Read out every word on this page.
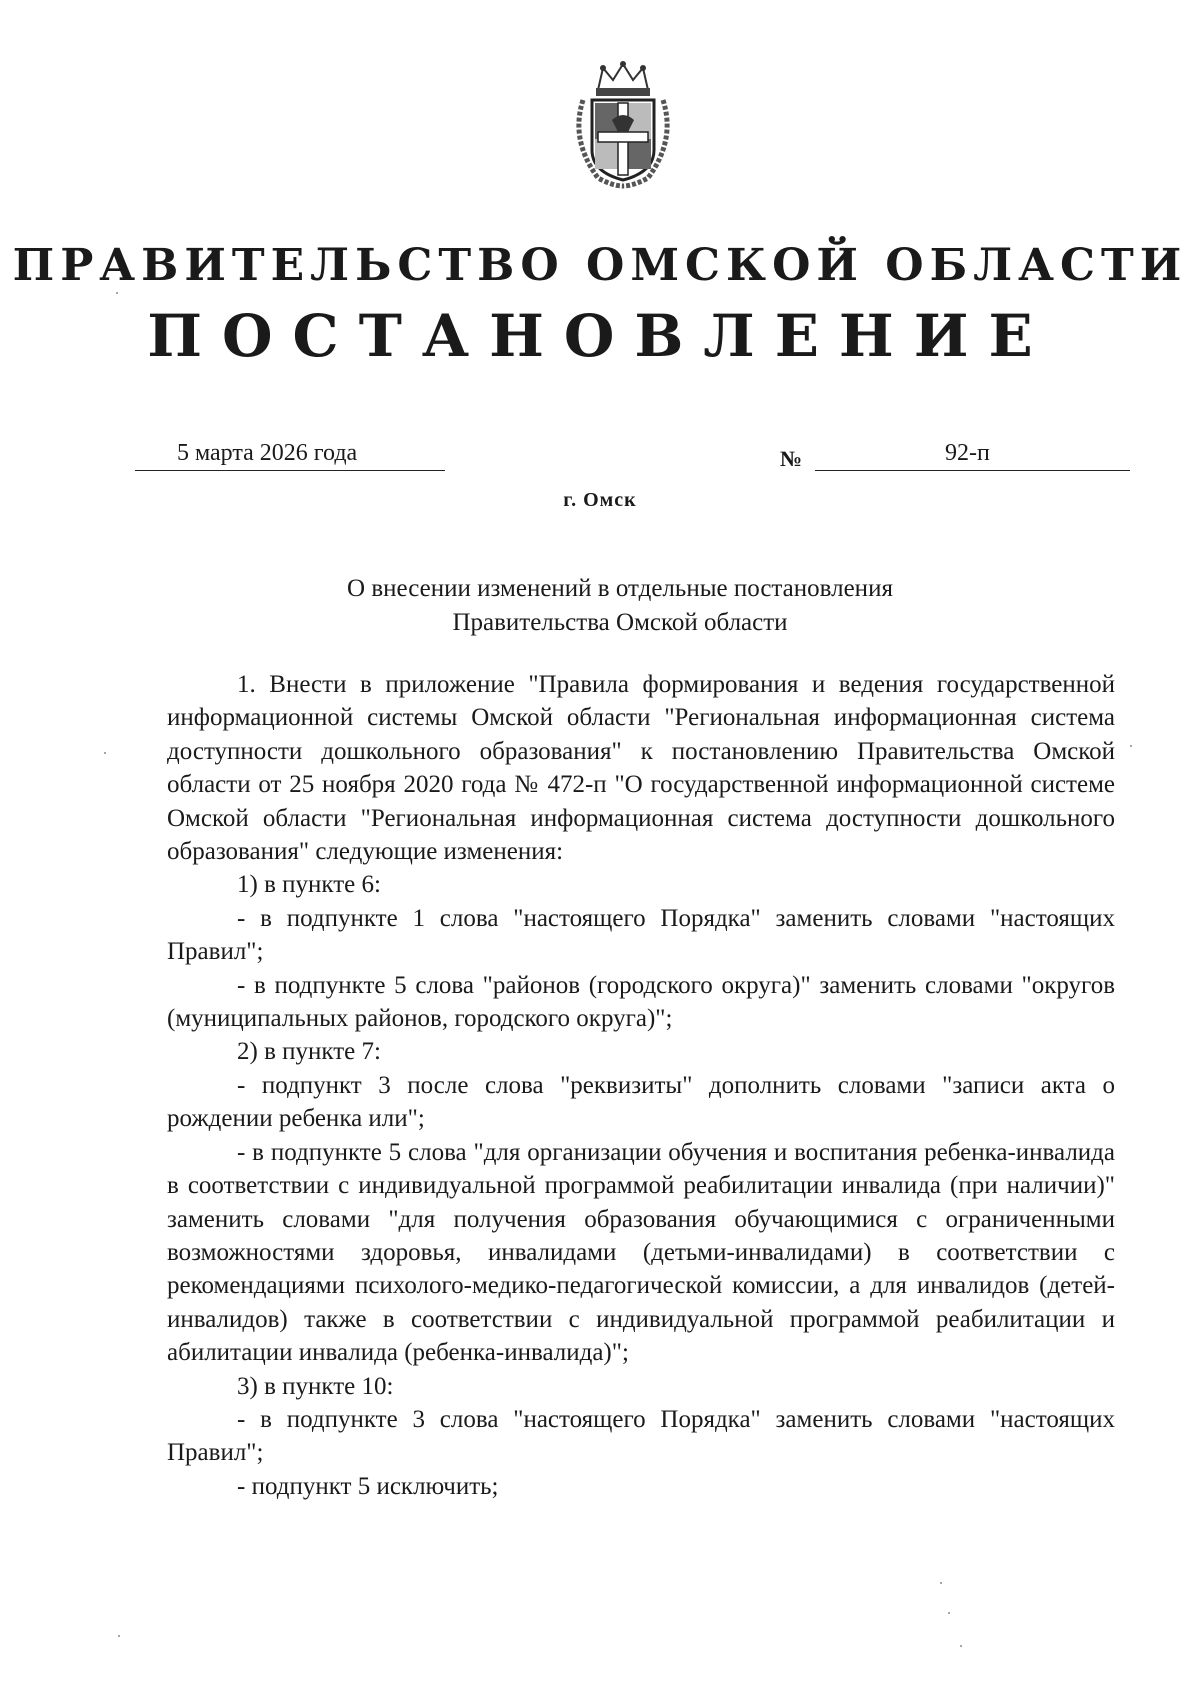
ПРАВИТЕЛЬСТВО ОМСКОЙ ОБЛАСТИ
ПОСТАНОВЛЕНИЕ
5 марта 2026 года	№	92-п
г. Омск
О внесении изменений в отдельные постановления
Правительства Омской области

1. Внести в приложение "Правила формирования и ведения государственной информационной системы Омской области "Региональная информационная система доступности дошкольного образования" к постановлению Правительства Омской области от 25 ноября 2020 года № 472-п "О государственной информационной системе Омской области "Региональная информационная система доступности дошкольного образования" следующие изменения:

1) в пункте 6:

- в подпункте 1 слова "настоящего Порядка" заменить словами "настоящих Правил";

- в подпункте 5 слова "районов (городского округа)" заменить словами "округов (муниципальных районов, городского округа)";

2) в пункте 7:

- подпункт 3 после слова "реквизиты" дополнить словами "записи акта о рождении ребенка или";

- в подпункте 5 слова "для организации обучения и воспитания ребенка-инвалида в соответствии с индивидуальной программой реабилитации инвалида (при наличии)" заменить словами "для получения образования обучающимися с ограниченными возможностями здоровья, инвалидами (детьми-инвалидами) в соответствии с рекомендациями психолого-медико-педагогической комиссии, а для инвалидов (детей-инвалидов) также в соответствии с индивидуальной программой реабилитации и абилитации инвалида (ребенка-инвалида)";

3) в пункте 10:

- в подпункте 3 слова "настоящего Порядка" заменить словами "настоящих Правил";

- подпункт 5 исключить;
